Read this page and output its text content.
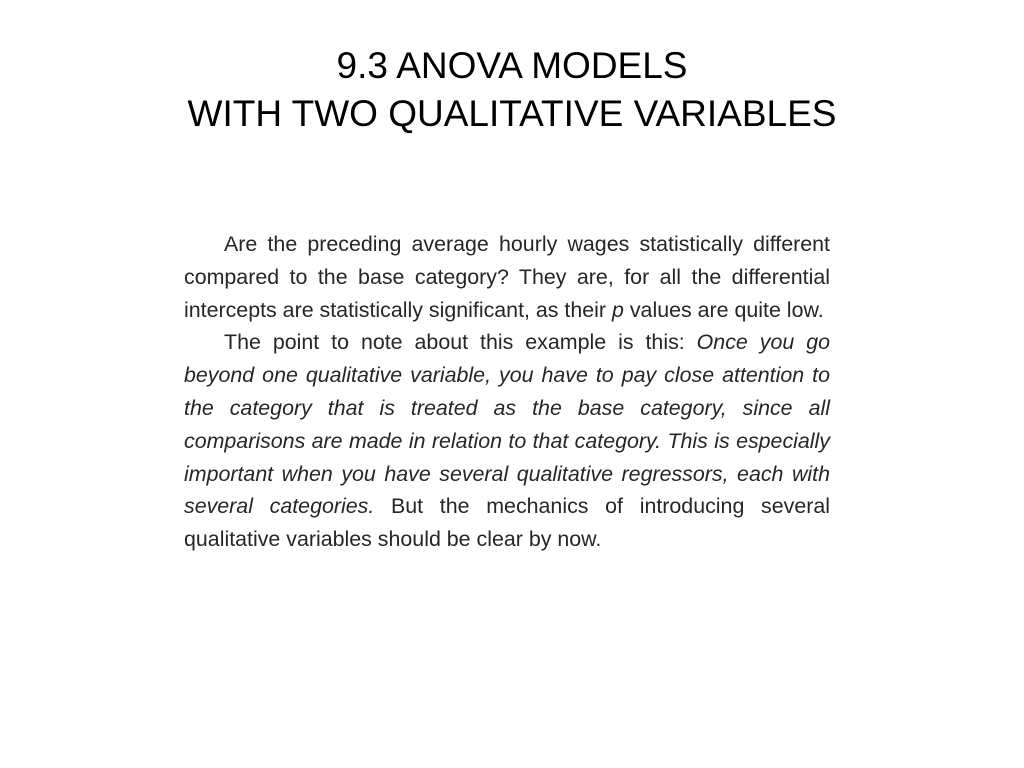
9.3 ANOVA MODELS
WITH TWO QUALITATIVE VARIABLES

Are the preceding average hourly wages statistically different compared to the base category? They are, for all the differential intercepts are statistically significant, as their p values are quite low.

The point to note about this example is this: Once you go beyond one qualitative variable, you have to pay close attention to the category that is treated as the base category, since all comparisons are made in relation to that category. This is especially important when you have several qualitative regressors, each with several categories. But the mechanics of introducing several qualitative variables should be clear by now.
